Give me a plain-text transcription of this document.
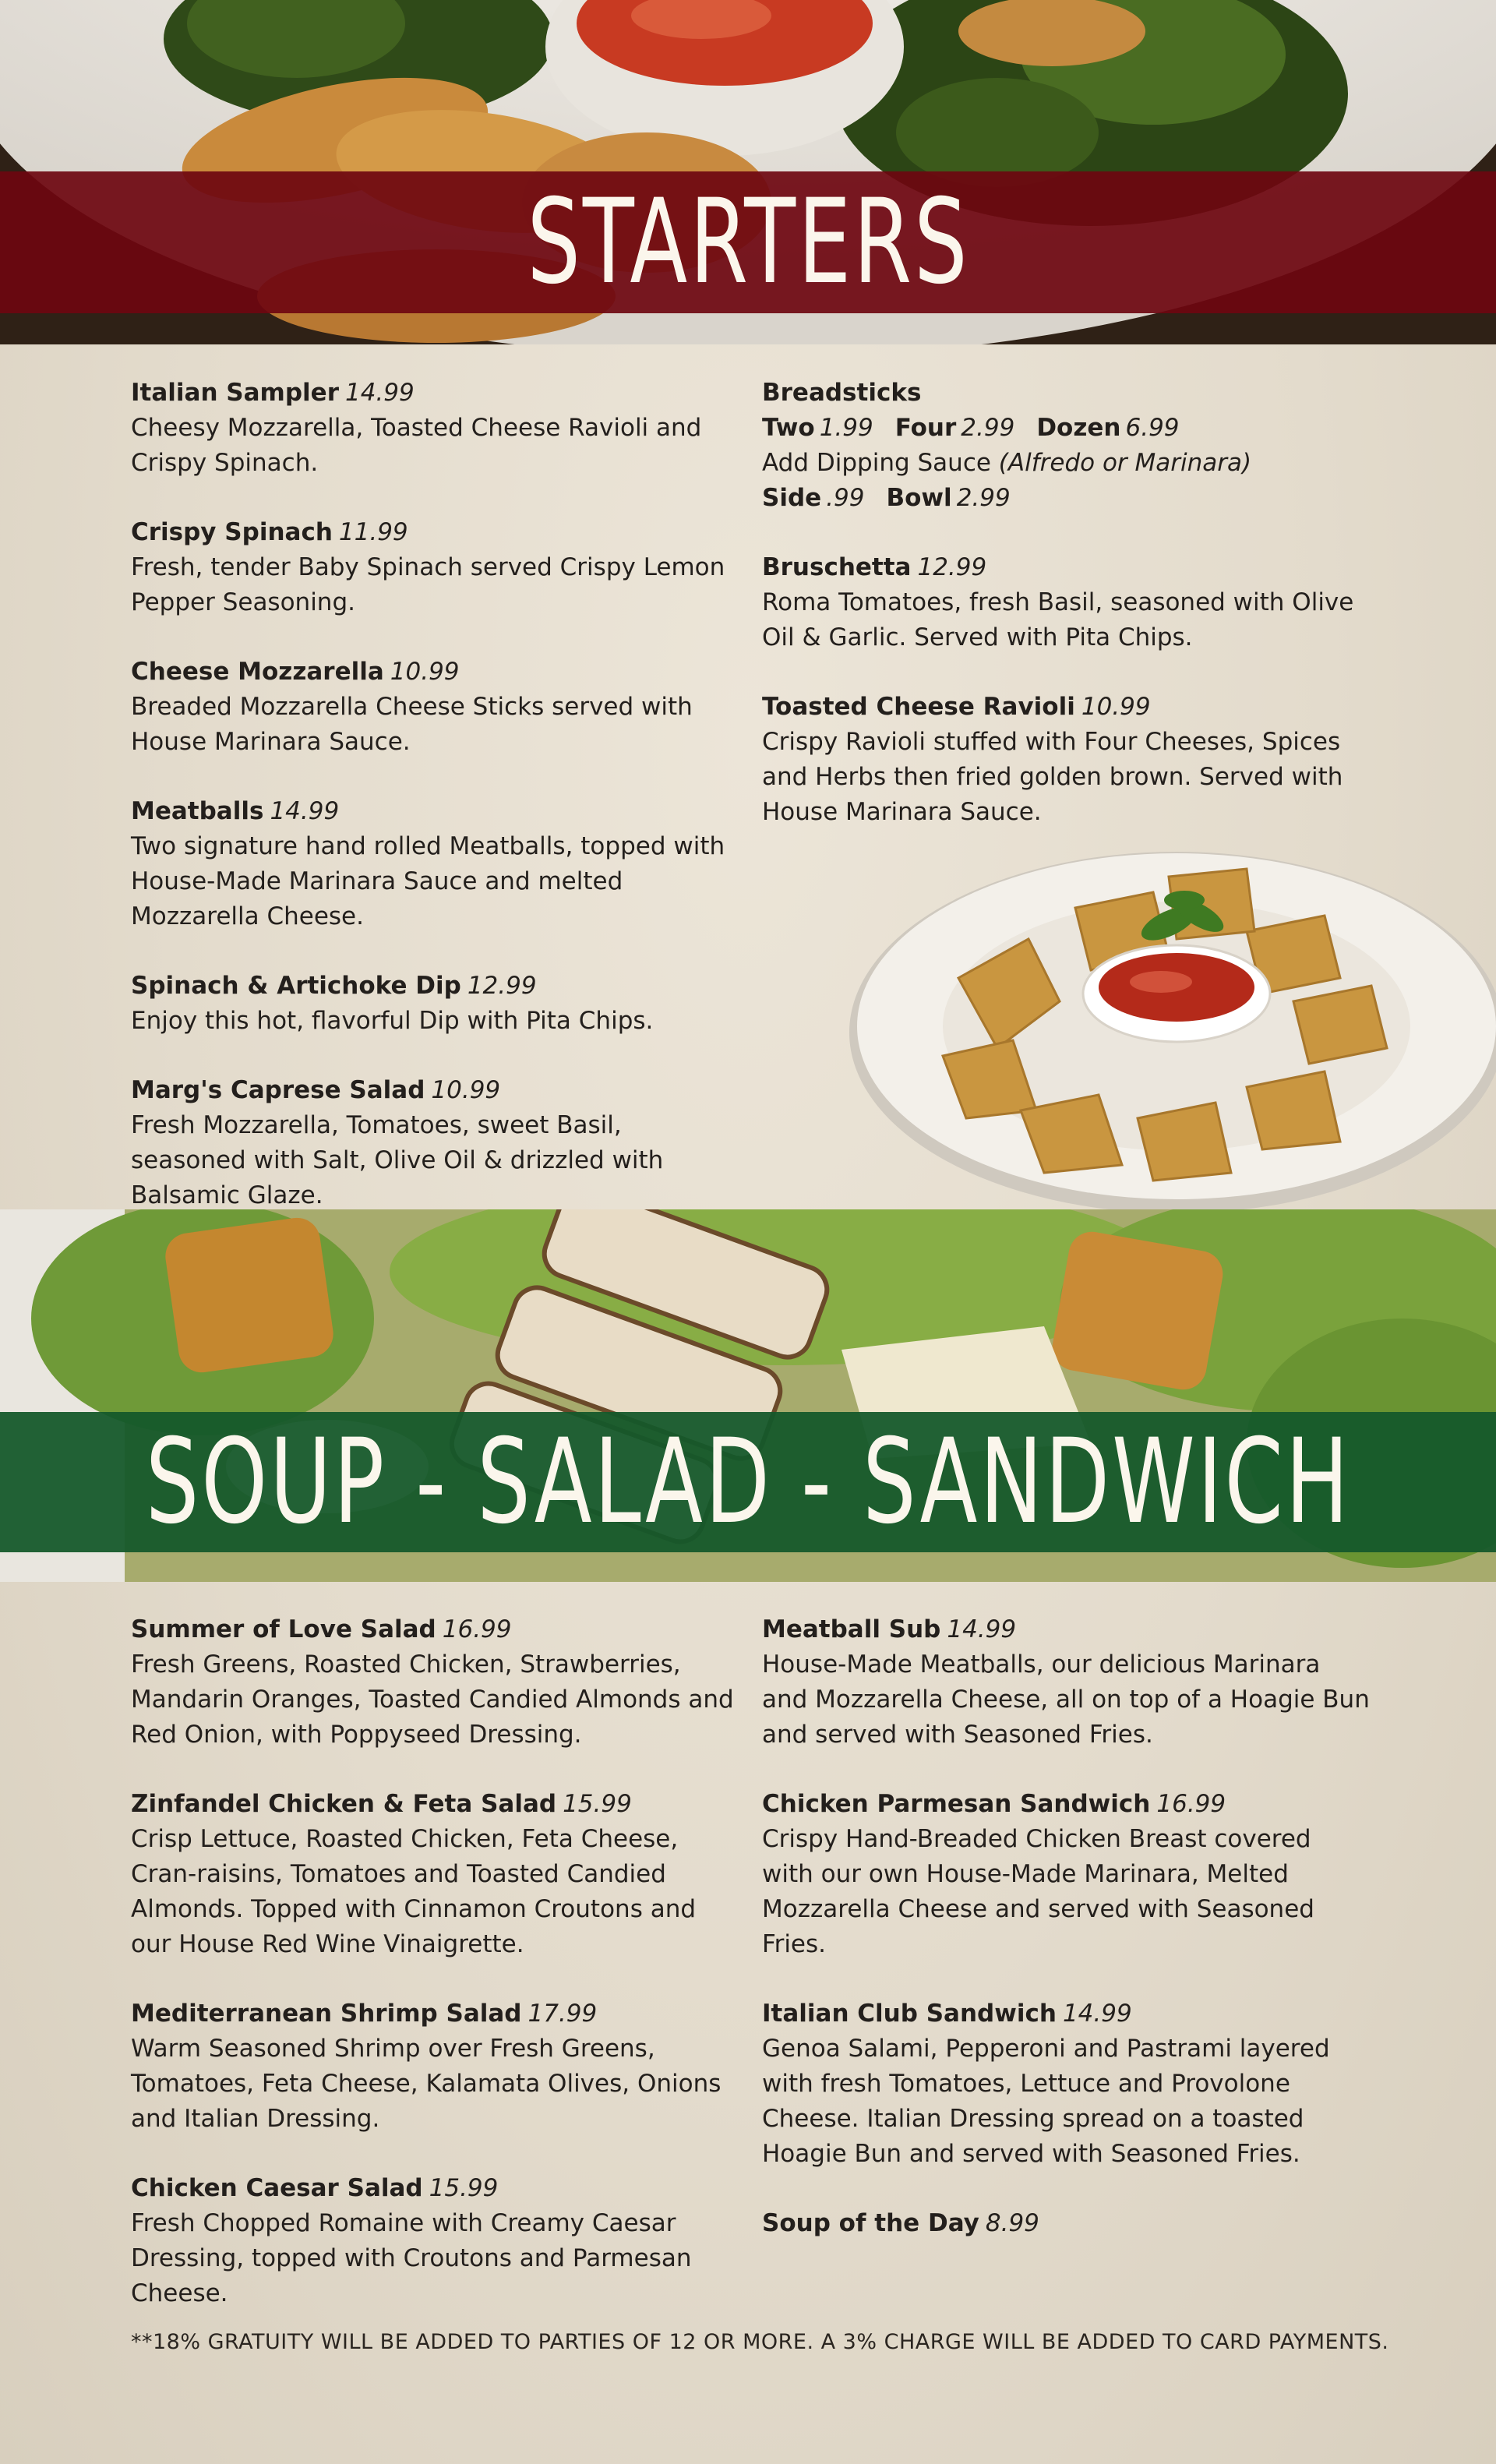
STARTERS
Italian Sampler 14.99
Cheesy Mozzarella, Toasted Cheese Ravioli and Crispy Spinach.
Crispy Spinach 11.99
Fresh, tender Baby Spinach served Crispy Lemon Pepper Seasoning.
Cheese Mozzarella 10.99
Breaded Mozzarella Cheese Sticks served with House Marinara Sauce.
Meatballs 14.99
Two signature hand rolled Meatballs, topped with House-Made Marinara Sauce and melted Mozzarella Cheese.
Spinach & Artichoke Dip 12.99
Enjoy this hot, flavorful Dip with Pita Chips.
Marg's Caprese Salad 10.99
Fresh Mozzarella, Tomatoes, sweet Basil, seasoned with Salt, Olive Oil & drizzled with Balsamic Glaze.
Breadsticks
Two 1.99 Four 2.99 Dozen 6.99
Add Dipping Sauce (Alfredo or Marinara)
Side .99 Bowl 2.99
Bruschetta 12.99
Roma Tomatoes, fresh Basil, seasoned with Olive Oil & Garlic. Served with Pita Chips.
Toasted Cheese Ravioli 10.99
Crispy Ravioli stuffed with Four Cheeses, Spices and Herbs then fried golden brown. Served with House Marinara Sauce.
SOUP - SALAD - SANDWICH
Summer of Love Salad 16.99
Fresh Greens, Roasted Chicken, Strawberries, Mandarin Oranges, Toasted Candied Almonds and Red Onion, with Poppyseed Dressing.
Zinfandel Chicken & Feta Salad 15.99
Crisp Lettuce, Roasted Chicken, Feta Cheese, Cran-raisins, Tomatoes and Toasted Candied Almonds. Topped with Cinnamon Croutons and our House Red Wine Vinaigrette.
Mediterranean Shrimp Salad 17.99
Warm Seasoned Shrimp over Fresh Greens, Tomatoes, Feta Cheese, Kalamata Olives, Onions and Italian Dressing.
Chicken Caesar Salad 15.99
Fresh Chopped Romaine with Creamy Caesar Dressing, topped with Croutons and Parmesan Cheese.
Meatball Sub 14.99
House-Made Meatballs, our delicious Marinara and Mozzarella Cheese, all on top of a Hoagie Bun and served with Seasoned Fries.
Chicken Parmesan Sandwich 16.99
Crispy Hand-Breaded Chicken Breast covered with our own House-Made Marinara, Melted Mozzarella Cheese and served with Seasoned Fries.
Italian Club Sandwich 14.99
Genoa Salami, Pepperoni and Pastrami layered with fresh Tomatoes, Lettuce and Provolone Cheese. Italian Dressing spread on a toasted Hoagie Bun and served with Seasoned Fries.
Soup of the Day 8.99
**18% GRATUITY WILL BE ADDED TO PARTIES OF 12 OR MORE. A 3% CHARGE WILL BE ADDED TO CARD PAYMENTS.
